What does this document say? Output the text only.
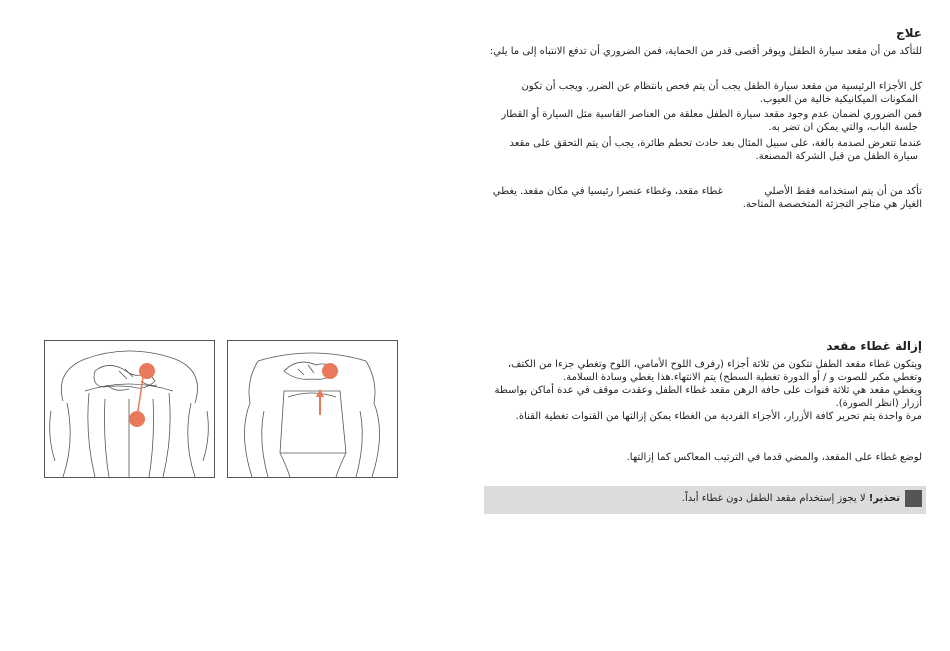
علاج
للتأكد من أن مقعد سيارة الطفل ويوفر أقصى قدر من الحماية، فمن الضروري أن تدفع الانتباه إلى ما يلي:
كل الأجزاء الرئيسية من مقعد سيارة الطفل يجب أن يتم فحص بانتظام عن الضرر. ويجب أن تكون
المكونات الميكانيكية خالية من العيوب.
فمن الضروري لضمان عدم وجود مقعد سيارة الطفل معلقة من العناصر القاسية مثل السيارة أو القطار
جلسة الباب، والتي يمكن ان تضر به.
عندما تتعرض لصدمة بالغة، على سبيل المثال بعد حادث تحطم طائرة، يجب أن يتم التحقق على مقعد
سيارة الطفل من قبل الشركة المصنعة.
تأكد من أن يتم استخدامه فقط الأصلي             غطاء مقعد، وغطاء عنصرا رئيسيا في مكان مقعد. يغطي
الغيار هي متاجر التجزئة المتخصصة المتاحة.
إزالة غطاء مقعد
ويتكون غطاء مقعد الطفل تتكون من ثلاثة أجزاء (رفرف اللوح الأمامي، اللوح وتغطي جزءا من الكتف،
وتغطي مكبر للصوت و / أو الدورة تغطية السطح) يتم الانتهاء.هذا يغطي وسادة السلامة.
ويغطي مقعد هي ثلاثة قنوات على حافة الرهن مقعد غطاء الطفل وعقدت موقف في عدة أماكن بواسطة
أزرار (انظر الصورة).
مرة واحدة يتم تحرير كافة الأزرار، الأجزاء الفردية من الغطاء يمكن إزالتها من القنوات تغطية القناة.
لوضع غطاء على المقعد، والمضي قدما في الترتيب المعاكس كما إزالتها.
تحذير! لا يجوز إستخدام مقعد الطفل دون غطاء أبداً.
